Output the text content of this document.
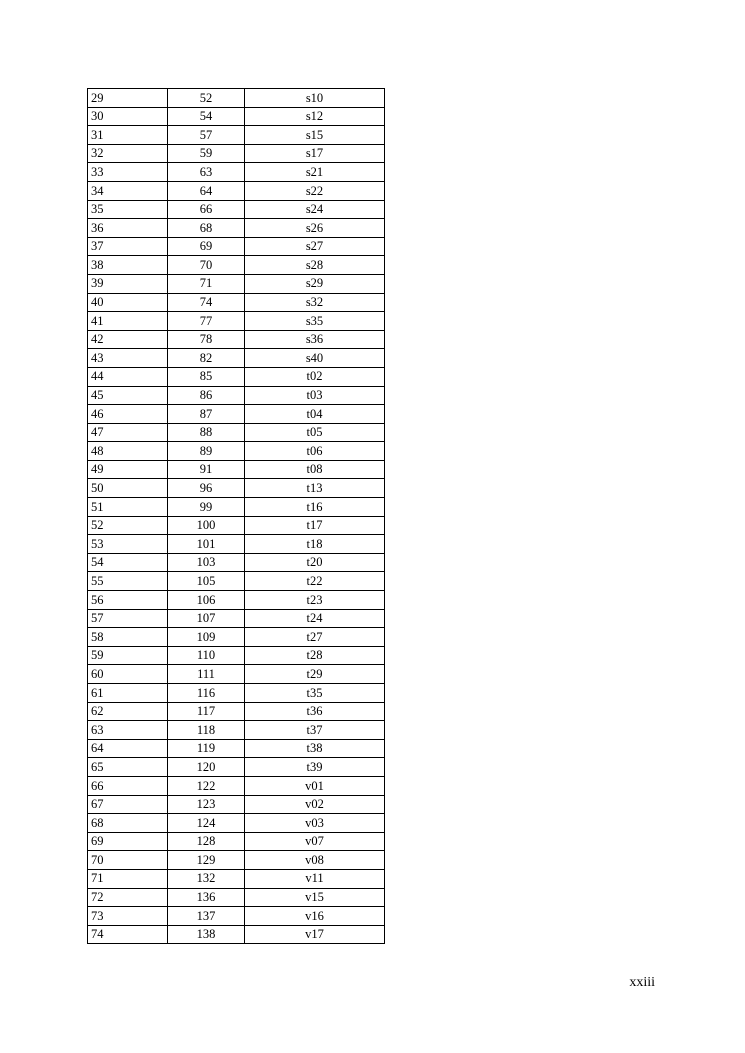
29	52	s10
30	54	s12
31	57	s15
32	59	s17
33	63	s21
34	64	s22
35	66	s24
36	68	s26
37	69	s27
38	70	s28
39	71	s29
40	74	s32
41	77	s35
42	78	s36
43	82	s40
44	85	t02
45	86	t03
46	87	t04
47	88	t05
48	89	t06
49	91	t08
50	96	t13
51	99	t16
52	100	t17
53	101	t18
54	103	t20
55	105	t22
56	106	t23
57	107	t24
58	109	t27
59	110	t28
60	111	t29
61	116	t35
62	117	t36
63	118	t37
64	119	t38
65	120	t39
66	122	v01
67	123	v02
68	124	v03
69	128	v07
70	129	v08
71	132	v11
72	136	v15
73	137	v16
74	138	v17
xxiii
